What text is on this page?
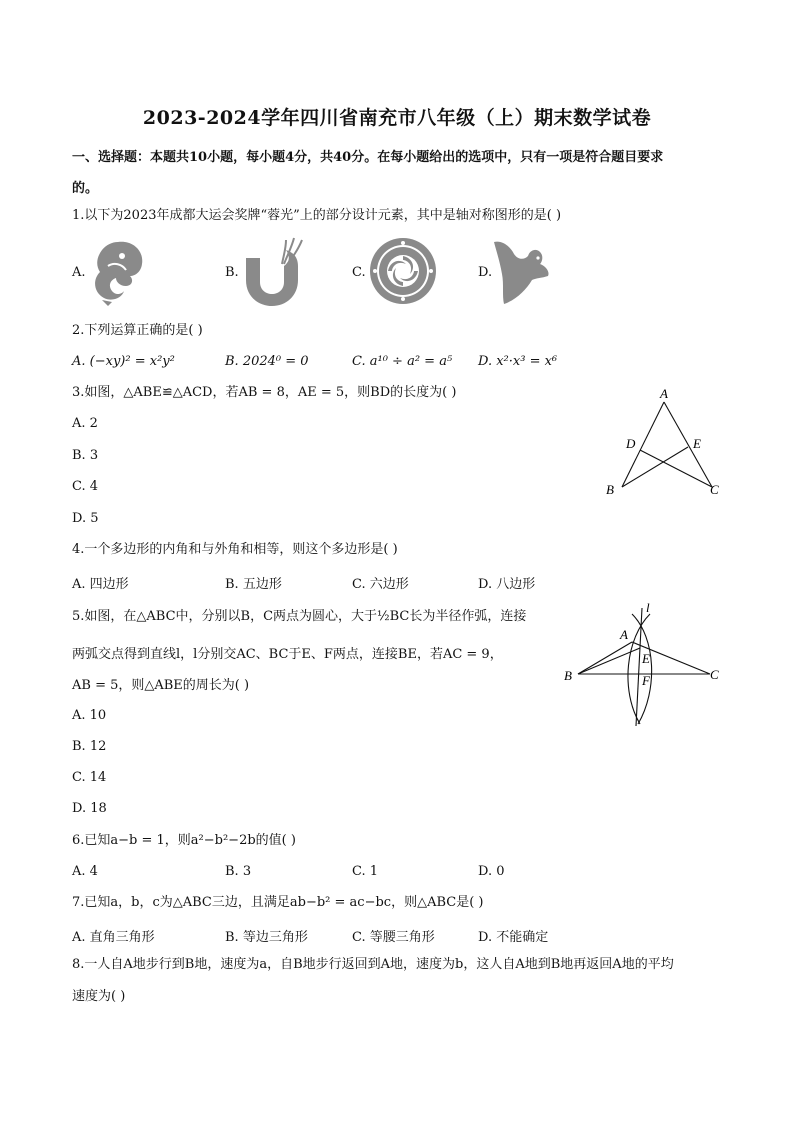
2023-2024学年四川省南充市八年级（上）期末数学试卷
一、选择题：本题共10小题，每小题4分，共40分。在每小题给出的选项中，只有一项是符合题目要求
的。
1.以下为2023年成都大运会奖牌“蓉光”上的部分设计元素，其中是轴对称图形的是( )
A.	B.	C.	D.
2.下列运算正确的是( )
A. (−xy)² = x²y²	B. 2024⁰ = 0	C. a¹⁰ ÷ a² = a⁵ D. x²·x³ = x⁶
3.如图，△ABE≌△ACD，若AB = 8，AE = 5，则BD的长度为( )
A. 2
B. 3
C. 4
D. 5
A
D	E
B	C
4.一个多边形的内角和与外角和相等，则这个多边形是( )
A. 四边形	B. 五边形	C. 六边形	D. 八边形
5.如图，在△ABC中，分别以B，C两点为圆心，大于½BC长为半径作弧，连接
两弧交点得到直线l，l分别交AC、BC于E、F两点，连接BE，若AC = 9，
AB = 5，则△ABE的周长为( )
A. 10
B. 12
C. 14
D. 18
l
A
E
B	F	C
6.已知a−b = 1，则a²−b²−2b的值( )
A. 4	B. 3	C. 1	D. 0
7.已知a，b，c为△ABC三边，且满足ab−b² = ac−bc，则△ABC是( )
A. 直角三角形	B. 等边三角形	C. 等腰三角形	D. 不能确定
8.一人自A地步行到B地，速度为a，自B地步行返回到A地，速度为b，这人自A地到B地再返回A地的平均
速度为( )
